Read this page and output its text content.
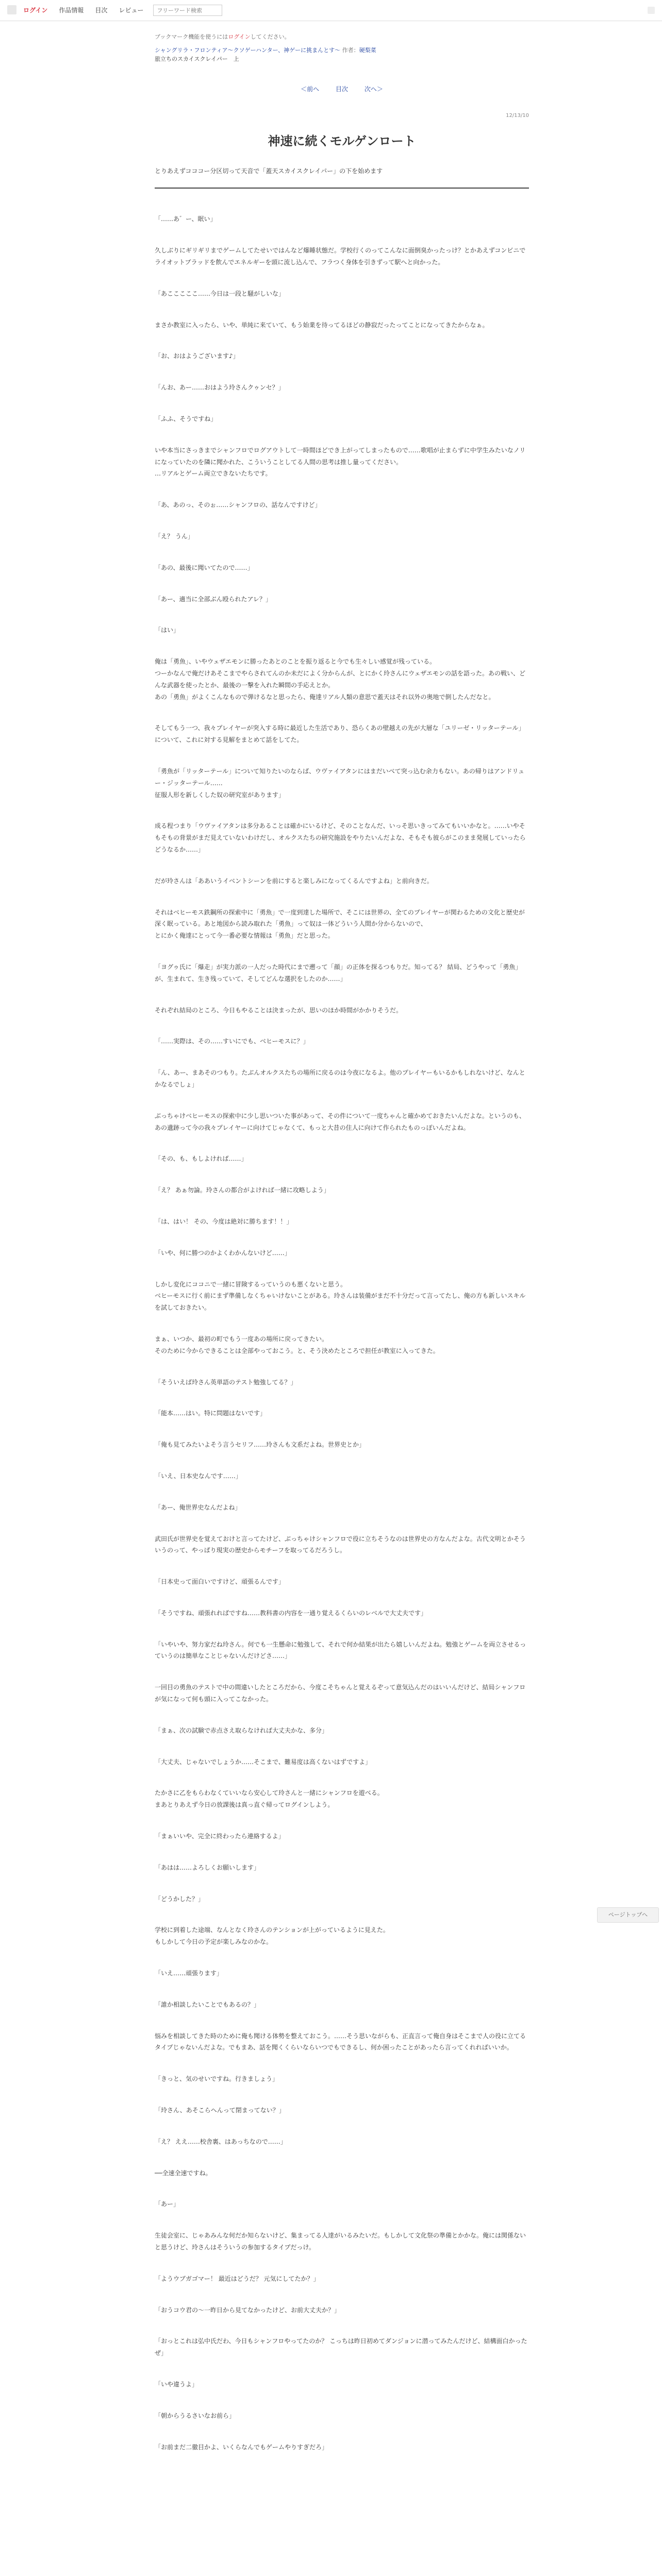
ログイン	作品情報	目次	レビュー
フリーワード検索
ブックマーク機能を使うにはログインしてください。
シャングリラ・フロンティア〜クソゲーハンター、神ゲーに挑まんとす〜 作者：硬梨菜
旅立ちのスカイスクレイパー　上
＜前へ	目次	次へ＞
12/13/10
神速に続くモルゲンロート
とりあえずコココー分区切って天音で「蓋天スカイスクレイパー」の下を始めます

「……あ゛ー、眠い」

久しぶりにギリギリまでゲームしてたせいではんなど爆睡状態だ。学校行くのってこんなに面倒臭かったっけ？とかあえずコンビニでライオットブラッドを飲んでエネルギーを頭に流し込んで、フラつく身体を引きずって駅へと向かった。

「あこここここ……今日は一段と騒がしいな」

まさか教室に入ったら、いや、単純に来ていて、もう始業を待ってるほどの静寂だったってことになってきたからなぁ。

「お、おはようございます♪」

「んお、あー……おはよう玲さんクゥンセ？」

「ふふ、そうですね」

いや本当にさっきまでシャンフロでログアウトして一時間ほどでき上がってしまったもので……歌唱が止まらずに中学生みたいなノリになっていたのを隣に聞かれた、こういうことしてる人間の思考は推し量ってください。
…リアルとゲーム両立できないたちです。

「あ、あのっ、そのぉ……シャンフロの、話なんですけど」

「え？ うん」

「あの、最後に聞いてたので……」

「あー、適当に全部ぶん殴られたアレ？」

「はい」

俺は「勇魚」、いやウェザエモンに勝ったあとのことを振り返ると今でも生々しい感覚が残っている。
つーかなんで俺だけあそこまでやらされてんのか未だによく分からんが、とにかく玲さんにウェザエモンの話を語った。あの戦い、どんな武器を使ったとか、最後の一撃を入れた瞬間の手応えとか。
あの「勇魚」がよくこんなもので弾けるなと思ったら、俺達リアル人類の意思で蓋天はそれ以外の奥地で倒したんだなと。

そしてもう一つ、我々プレイヤーが突入する時に最近した生活であり、恐らくあの壁越えの先が大層な「ユリーゼ・リッターテール」について、これに対する見解をまとめて話をしてた。

「勇魚が「リッターテール」について知りたいのならば、ウヴァイアタンにはまだいべて突っ込む余力もない。あの帰りはアンドリュー・ジッターテール……
征服人形を新しくした奴の研究室があります」

成る程つまり「ウヴァイアタンは多分あることは確かにいるけど、そのことなんだ、いっそ思いきってみてもいいかなと。……いやそもそもの背景がまだ見えていないわけだし、オルクスたちの研究施設をやりたいんだよな、そもそも彼らがこのまま発展していったらどうなるか……」

だが玲さんは「ああいうイベントシーンを前にすると楽しみになってくるんですよね」と前向きだ。

それはベヒーモス鉄鋼所の探索中に「勇魚」で一度到達した場所で、そこには世界の、全てのプレイヤーが関わるための文化と歴史が深く眠っている。あと地図から読み取れた「勇魚」って奴は一体どういう人間か分からないので、
とにかく俺達にとって今一番必要な情報は「勇魚」だと思った。

「ヨグゥ氏に「爆走」が実力派の一人だった時代にまで遡って「顔」の正体を探るつもりだ。知ってる？ 結局、どうやって「勇魚」が、生まれて、生き残っていて、そしてどんな選択をしたのか……」

それぞれ結局のところ、今日もやることは決まったが、思いのほか時間がかかりそうだ。

「……実際は、その……すいにでも、ベヒーモスに？」

「ん、あー、まあそのつもり。たぶんオルクスたちの場所に戻るのは今夜になるよ。他のプレイヤーもいるかもしれないけど、なんとかなるでしょ」

ぶっちゃけベヒーモスの探索中に少し思いついた事があって、その件について一度ちゃんと確かめておきたいんだよな。というのも、あの遺跡って今の我々プレイヤーに向けてじゃなくて、もっと大昔の住人に向けて作られたものっぽいんだよね。

「その、も、もしよければ……」

「え？ あぁ勿論。玲さんの都合がよければ一緒に攻略しよう」

「は、はい！ その、今度は絶対に勝ちます！！」

「いや、何に勝つのかよくわかんないけど……」

しかし変化にココニで一緒に冒険するっていうのも悪くないと思う。
ベヒーモスに行く前にまず準備しなくちゃいけないことがある。玲さんは装備がまだ不十分だって言ってたし、俺の方も新しいスキルを試しておきたい。

まぁ、いつか、最初の町でもう一度あの場所に戻ってきたい。
そのために今からできることは全部やっておこう。と、そう決めたところで担任が教室に入ってきた。

「そういえば玲さん英単語のテスト勉強してる？」

「能本……はい。特に問題はないです」

「俺も見てみたいよそう言うセリフ……玲さんも文系だよね。世界史とか」

「いえ、日本史なんです……」

「あー、俺世界史なんだよね」

武田氏が世界史を覚えておけと言ってたけど、ぶっちゃけシャンフロで役に立ちそうなのは世界史の方なんだよな。古代文明とかそういうのって、やっぱり現実の歴史からモチーフを取ってるだろうし。

「日本史って面白いですけど、頑張るんです」

「そうですね、頑張れればですね……教科書の内容を一通り覚えるくらいのレベルで大丈夫です」

「いやいや、努力家だね玲さん。何でも一生懸命に勉強して、それで何か結果が出たら嬉しいんだよね。勉強とゲームを両立させるっていうのは簡単なことじゃないんだけどさ……」

一回目の勇魚のテストで中の間違いしたところだから、今度こそちゃんと覚えるぞって意気込んだのはいいんだけど、結局シャンフロが気になって何も頭に入ってこなかった。

「まぁ、次の試験で赤点さえ取らなければ大丈夫かな、多分」

「大丈夫、じゃないでしょうか……そこまで、難易度は高くないはずですよ」

たかさに乙をもらわなくていいなら安心して玲さんと一緒にシャンフロを遊べる。
まあとりあえず今日の放課後は真っ直ぐ帰ってログインしよう。

「まぁいいや、完全に終わったら連絡するよ」

「あはは……よろしくお願いします」

「どうかした？」

学校に到着した途端、なんとなく玲さんのテンションが上がっているように見えた。
もしかして今日の予定が楽しみなのかな。

「いえ……頑張ります」

「誰か相談したいことでもあるの？」

悩みを相談してきた時のために俺も聞ける体勢を整えておこう。……そう思いながらも、正直言って俺自身はそこまで人の役に立てるタイプじゃないんだよな。でもまあ、話を聞くくらいならいつでもできるし、何か困ったことがあったら言ってくれればいいか。

「きっと、気のせいですね。行きましょう」

「玲さん、あそこらへんって閉まってない？」

「え？ ええ……校舎裏、はあっちなので……」

──全速全速ですね。

「あー」

生徒会室に、じゃあみんな何だか知らないけど、集まってる人達がいるみたいだ。もしかして文化祭の準備とかかな。俺には関係ないと思うけど、玲さんはそういうの参加するタイプだっけ。

「ようウブガゴマー！ 最近はどうだ？ 元気にしてたか？」

「おうコウ君の～一昨日から見てなかったけど、お前大丈夫か？」

「おっとこれは弘中氏だわ、今日もシャンフロやってたのか？ こっちは昨日初めてダンジョンに潜ってみたんだけど、結構面白かったぜ」

「いや違うよ」

「朝からうるさいなお前ら」

「お前まだ二徹目かよ、いくらなんでもゲームやりすぎだろ」

ページトップへ
